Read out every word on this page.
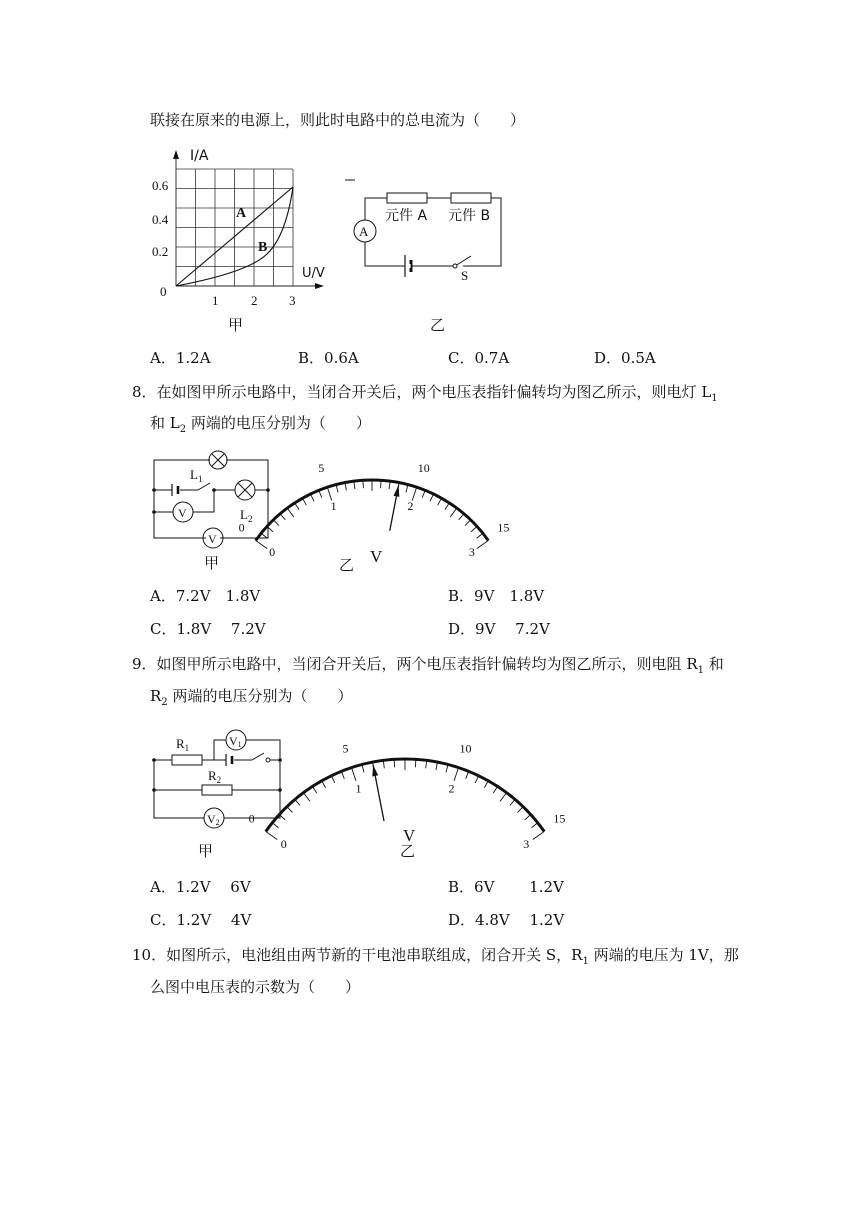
联接在原来的电源上，则此时电路中的总电流为（　　）
I/A
U/V
0
0.6
0.4
0.2
1	2 3
A
B
甲
A
元件 A 元件 B
S
乙
A．1.2A	B．0.6A	C．0.7A	D．0.5A
8．在如图甲所示电路中，当闭合开关后，两个电压表指针偏转均为图乙所示，则电灯 $L_1$
和 $L_2$ 两端的电压分别为（　　）
$L_1$
$L_2$
V
V
甲
0
5	10
15
0
1	2
3
V
乙
A．7.2V　1.8V	B．9V　1.8V
C．1.8V　 7.2V	D．9V　 7.2V
9．如图甲所示电路中，当闭合开关后，两个电压表指针偏转均为图乙所示，则电阻 $R_1$ 和
$R_2$ 两端的电压分别为（　　）
$R_1$
$R_2$
V1
V2
甲
0
5	10
15
0
1	2
3
V
乙
A．1.2V　 6V	B．6V　　 1.2V
C．1.2V　 4V	D．4.8V　 1.2V
10．如图所示，电池组由两节新的干电池串联组成，闭合开关 S，$R_1$ 两端的电压为 1V，那
么图中电压表的示数为（　　）
